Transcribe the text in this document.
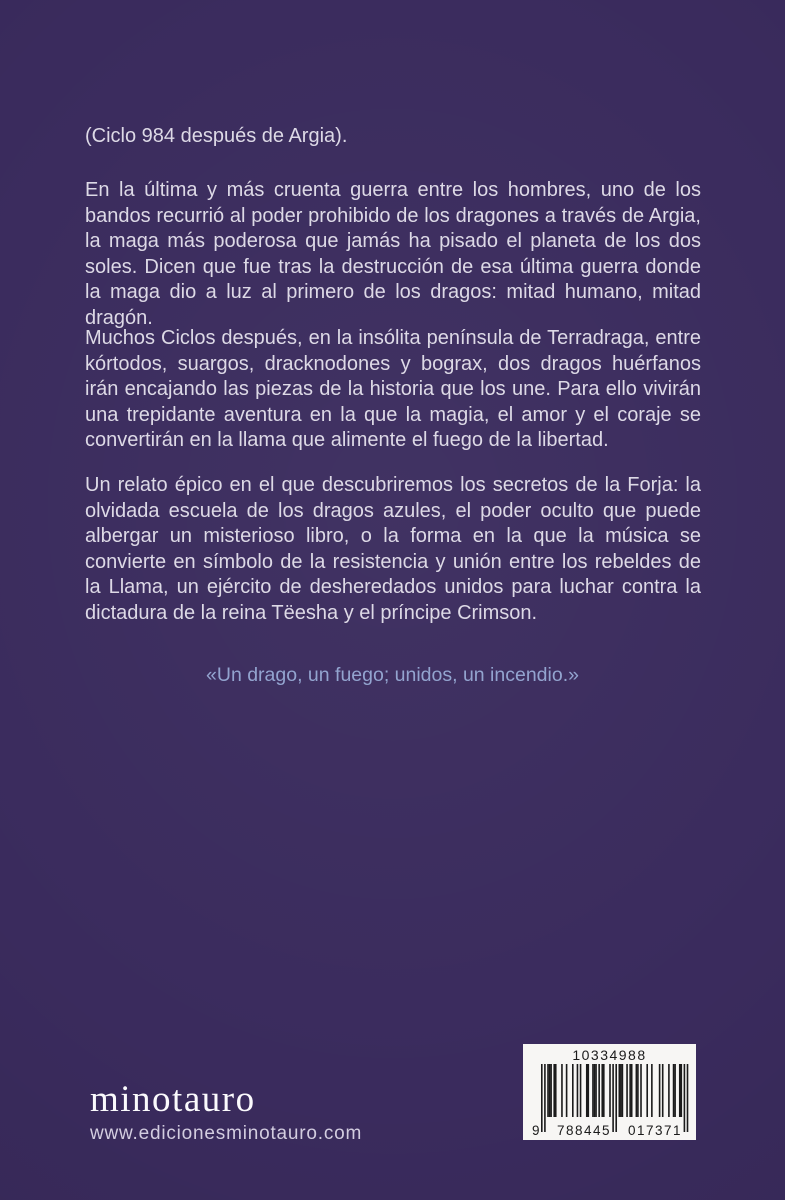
(Ciclo 984 después de Argia).

En la última y más cruenta guerra entre los hombres, uno de los bandos recurrió al poder prohibido de los dragones a través de Argia, la maga más poderosa que jamás ha pisado el planeta de los dos soles. Dicen que fue tras la destrucción de esa última guerra donde la maga dio a luz al primero de los dragos: mitad humano, mitad dragón.

Muchos Ciclos después, en la insólita península de Terradraga, entre kórtodos, suargos, dracknodones y bograx, dos dragos huérfanos irán encajando las piezas de la historia que los une. Para ello vivirán una trepidante aventura en la que la magia, el amor y el coraje se convertirán en la llama que alimente el fuego de la libertad.

Un relato épico en el que descubriremos los secretos de la Forja: la olvidada escuela de los dragos azules, el poder oculto que puede albergar un misterioso libro, o la forma en la que la música se convierte en símbolo de la resistencia y unión entre los rebeldes de la Llama, un ejército de desheredados unidos para luchar contra la dictadura de la reina Tëesha y el príncipe Crimson.

«Un drago, un fuego; unidos, un incendio.»

minotauro
www.edicionesminotauro.com
10334988
9 788445 017371
